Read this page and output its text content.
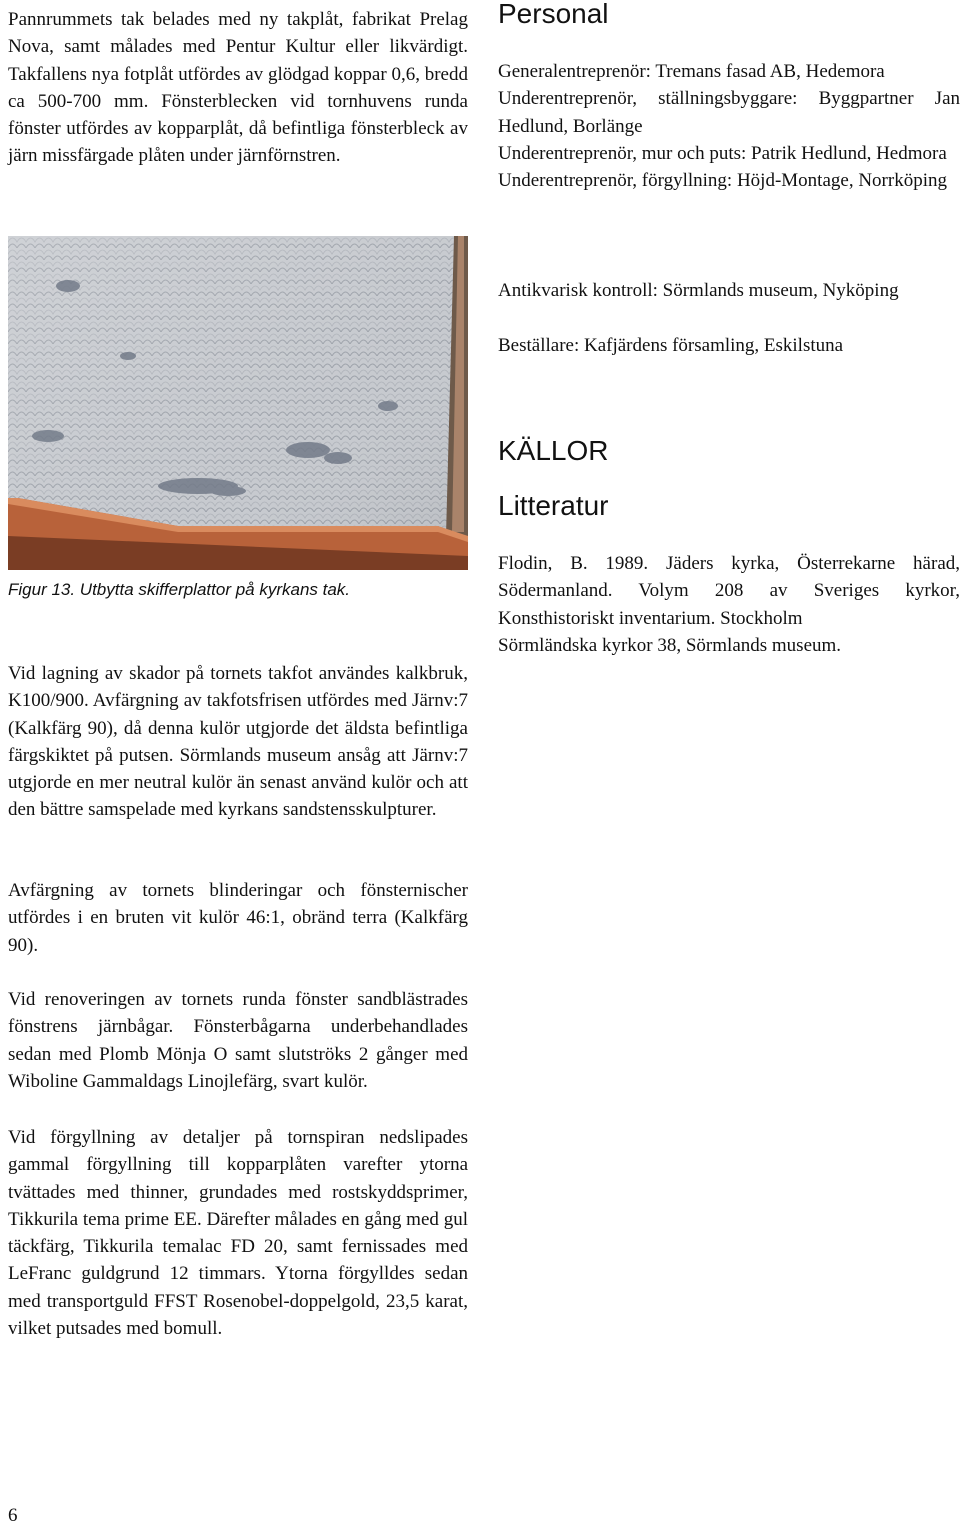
Pannrummets tak belades med ny takplåt, fabrikat Prelag Nova, samt målades med Pentur Kultur eller likvärdigt. Takfallens nya fotplåt utfördes av glödgad koppar 0,6, bredd ca 500-700 mm. Fönsterblecken vid tornhuvens runda fönster utfördes av kopparplåt, då befintliga fönsterbleck av järn missfärgade plåten under järnförnstren.

Figur 13. Utbytta skifferplattor på kyrkans tak.

Vid lagning av skador på tornets takfot användes kalkbruk, K100/900. Avfärgning av takfotsfrisen utfördes med Järnv:7 (Kalkfärg 90), då denna kulör utgjorde det äldsta befintliga färgskiktet på putsen. Sörmlands museum ansåg att Järnv:7 utgjorde en mer neutral kulör än senast använd kulör och att den bättre samspelade med kyrkans sandstensskulpturer.

Avfärgning av tornets blinderingar och fönsternischer utfördes i en bruten vit kulör 46:1, obränd terra (Kalkfärg 90).

Vid renoveringen av tornets runda fönster sandblästrades fönstrens järnbågar. Fönsterbågarna underbehandlades sedan med Plomb Mönja O samt slutströks 2 gånger med Wiboline Gammaldags Linojlefärg, svart kulör.

Vid förgyllning av detaljer på tornspiran nedslipades gammal förgyllning till kopparplåten varefter ytorna tvättades med thinner, grundades med rostskyddsprimer, Tikkurila tema prime EE. Därefter målades en gång med gul täckfärg, Tikkurila temalac FD 20, samt fernissades med LeFranc guldgrund 12 timmars. Ytorna förgylldes sedan med transportguld FFST Rosenobel-doppelgold, 23,5 karat, vilket putsades med bomull.

Personal
Generalentreprenör: Tremans fasad AB, Hedemora
Underentreprenör, ställningsbyggare: Byggpartner Jan Hedlund, Borlänge
Underentreprenör, mur och puts: Patrik Hedlund, Hedmora
Underentreprenör, förgyllning: Höjd-Montage, Norrköping

Antikvarisk kontroll: Sörmlands museum, Nyköping

Beställare: Kafjärdens församling, Eskilstuna

KÄLLOR
Litteratur
Flodin, B. 1989. Jäders kyrka, Österrekarne härad, Södermanland. Volym 208 av Sveriges kyrkor, Konsthistoriskt inventarium. Stockholm
Sörmländska kyrkor 38, Sörmlands museum.
6
